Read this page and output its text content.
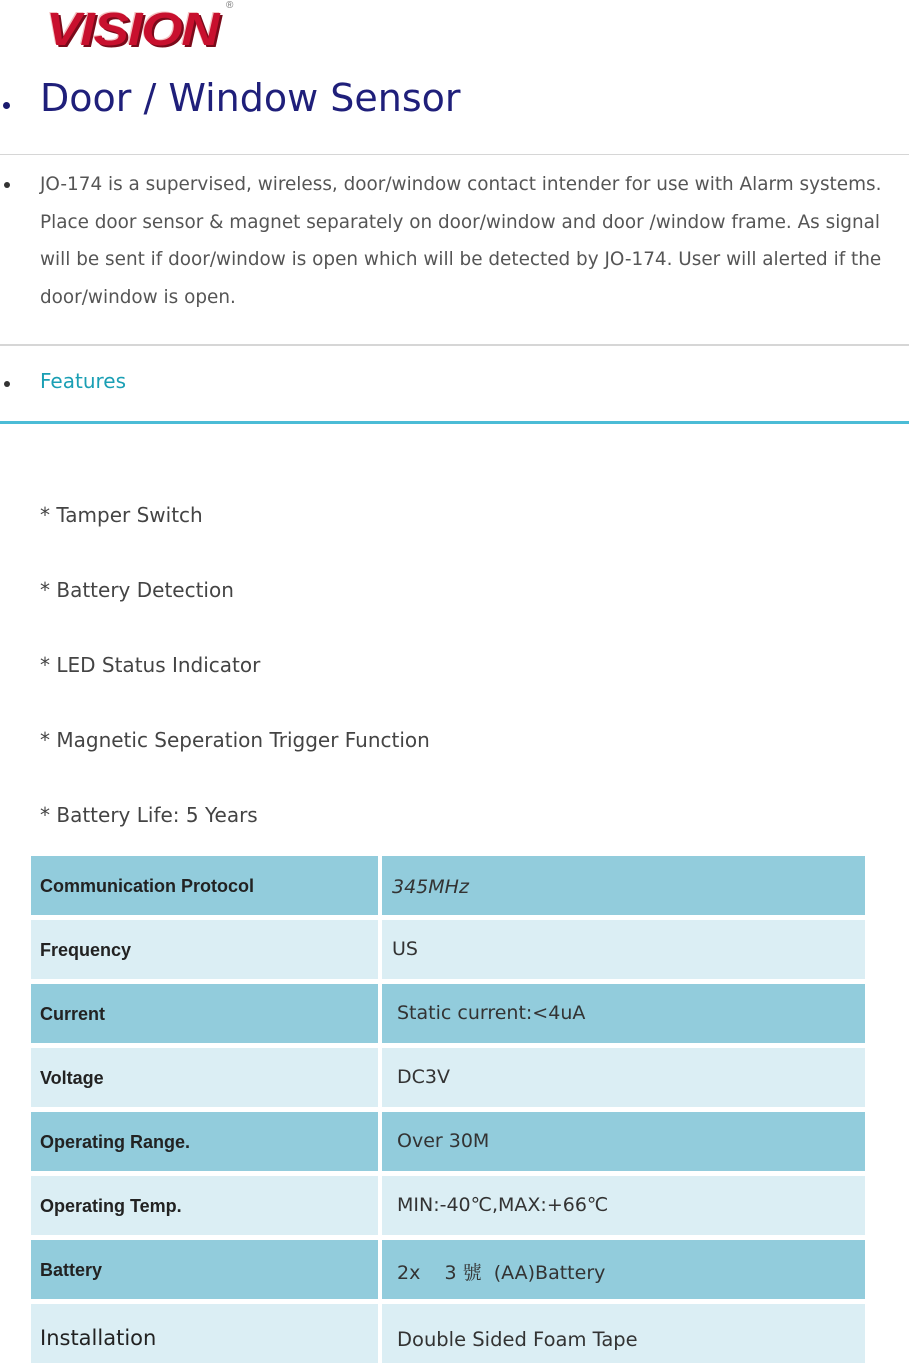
VISION ®
Door / Window Sensor

JO-174 is a supervised, wireless, door/window contact intender for use with Alarm systems. Place door sensor & magnet separately on door/window and door /window frame. As signal will be sent if door/window is open which will be detected by JO-174. User will alerted if the door/window is open.

Features
* Tamper Switch
* Battery Detection
* LED Status Indicator
* Magnetic Seperation Trigger Function
* Battery Life: 5 Years
Communication Protocol	345MHz
Frequency	US
Current	Static current:<4uA
Voltage	DC3V
Operating Range.	Over 30M
Operating Temp.	MIN:-40℃,MAX:+66℃
Battery	2x    3 號  (AA)Battery
Installation	Double Sided Foam Tape
